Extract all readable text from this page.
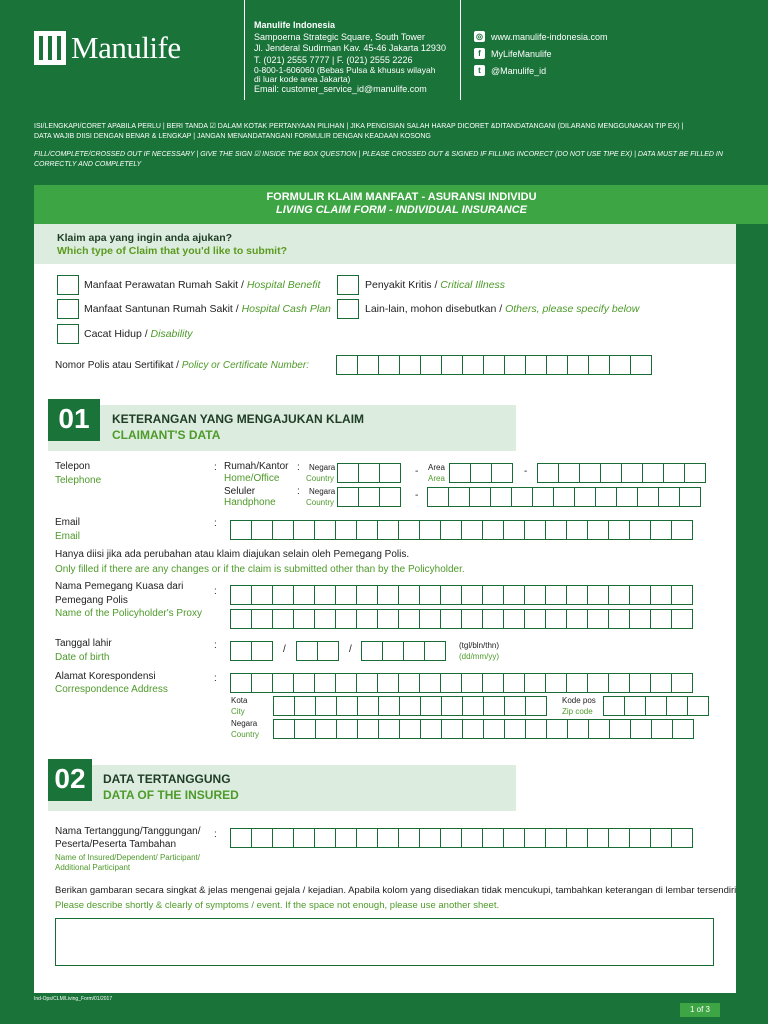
Manulife
Manulife Indonesia
Sampoerna Strategic Square, South Tower
Jl. Jenderal Sudirman Kav. 45-46 Jakarta 12930
T. (021) 2555 7777 | F. (021) 2555 2226
0-800-1-606060 (Bebas Pulsa & khusus wilayah
di luar kode area Jakarta)
Email: customer_service_id@manulife.com
◎ www.manulife-indonesia.com
f	MyLifeManulife
t	@Manulife_id
ISI/LENGKAPI/CORET APABILA PERLU | BERI TANDA ☑ DALAM KOTAK PERTANYAAN PILIHAN | JIKA PENGISIAN SALAH HARAP DICORET &DITANDATANGANI (DILARANG MENGGUNAKAN TIP EX) |
DATA WAJIB DIISI DENGAN BENAR & LENGKAP | JANGAN MENANDATANGANI FORMULIR DENGAN KEADAAN KOSONG
FILL/COMPLETE/CROSSED OUT IF NECESSARY | GIVE THE SIGN ☑ INSIDE THE BOX QUESTION | PLEASE CROSSED OUT & SIGNED IF FILLING INCORECT (DO NOT USE TIPE EX) | DATA MUST BE FILLED IN
CORRECTLY AND COMPLETELY
FORMULIR KLAIM MANFAAT - ASURANSI INDIVIDU
LIVING CLAIM FORM - INDIVIDUAL INSURANCE
Klaim apa yang ingin anda ajukan?
Which type of Claim that you'd like to submit?
Manfaat Perawatan Rumah Sakit / Hospital Benefit
Manfaat Santunan Rumah Sakit / Hospital Cash Plan
Cacat Hidup / Disability
Penyakit Kritis / Critical Illness
Lain-lain, mohon disebutkan / Others, please specify below
Nomor Polis atau Sertifikat / Policy or Certificate Number:
01	KETERANGAN YANG MENGAJUKAN KLAIM
CLAIMANT'S DATA
Telepon
Telephone
: Rumah/Kantor
Home/Office
: Negara
Country
- Area
Area
-
Seluler
Handphone
: Negara
Country
-
Email
Email
:
Hanya diisi jika ada perubahan atau klaim diajukan selain oleh Pemegang Polis.
Only filled if there are any changes or if the claim is submitted other than by the Policyholder.
Nama Pemegang Kuasa dari
Pemegang Polis
Name of the Policyholder's Proxy
:
Tanggal lahir
Date of birth
:	/	/	(tgl/bln/thn)
(dd/mm/yy)
Alamat Korespondensi
Correspondence Address
:
Kota
City
Kode pos
Zip code
Negara
Country
02	DATA TERTANGGUNG
DATA OF THE INSURED
Nama Tertanggung/Tanggungan/
Peserta/Peserta Tambahan
Name of Insured/Dependent/ Participant/
Additional Participant
:
Berikan gambaran secara singkat & jelas mengenai gejala / kejadian. Apabila kolom yang disediakan tidak mencukupi, tambahkan keterangan di lembar tersendiri
Please describe shortly & clearly of symptoms / event. If the space not enough, please use another sheet.
Ind-Ops/CLM/Living_Form/01/2017
1 of 3
